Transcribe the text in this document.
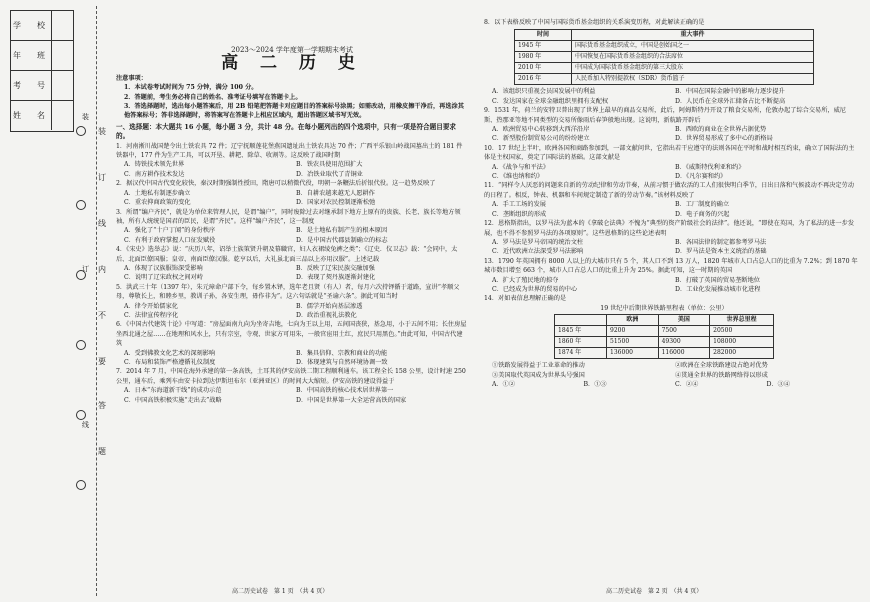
学　校
年　班
考　号
姓　名
装
订
线
内
不
要
答
题
装
订
线
2023～2024 学年度第一学期期末考试
高 二 历 史
注意事项：
1．本试卷考试时间为 75 分钟，满分 100 分。
2．答题前，考生务必将自己的姓名、准考证号填写在答题卡上。
3．答选择题时，选出每小题答案后，用 2B 铅笔把答题卡对应题目的答案标号涂黑；如需改动，用橡皮擦干净后，再选涂其他答案标号；答非选择题时，将答案写在答题卡上相应区域内，超出答题区域书写无效。
一、选择题：本大题共 16 小题，每小题 3 分，共计 48 分。在每小题列出的四个选项中，只有一项是符合题目要求的。
1．河南淅川战国楚令出土铁农具 72 件；辽宁抚顺莲花堡燕国遗址出土铁农具达 70 件；广西平乐银山岭战国墓出土的 181 件铁器中，177 件为生产工具，可以开垦、耕耙、除草、收割等。这反映了战国时期
A．铸铁技术领先世界	B．铁农具使用范围扩大
C．南方耕作技术发达	D．冶铁业取代了青铜业
2．据汉代中国古代变化较快，秦汉时期强制性授田，隋唐可以稍微代役，明朝一条鞭法后折银代役。这一趋势反映了
A．土地私有制逐步确立	B．自耕农越来越无人愿耕作
C．重农抑商政策的变化	D．国家对农民控制逐渐松弛
3．所谓“编户齐民”，就是为单位来管理人民，是谓“编户”，同时废除过去对继承制下地方上原有的贵族、长老、族长等地方领袖，所有人统统是国君的臣民，是谓“齐民”。这样“编户齐民”，这一制度
A．强化了“十户丁闻”的身份秩序	B．是土地私有制产生的根本原因
C．有利于政府掌握人口征发赋役	D．是中国古代郡县制确立的标志
4．《宋史》选举志》说：“庆历八年，诏举士族策贤升朝及幕職官，妇人衣裙绫兔裤之类”；《辽史．仪卫志》载：“会同中，太后、北面臣僚国服；皇帝、南面臣僚汉服。乾亨以后，大礼虽北面三品以上亦用汉服”。上述记载
A．体现了汉族服饰深受影响	B．反映了辽宋民族交融加强
C．说明了辽宋政权之间对峙	D．表现了契丹族逐渐封建化
5．洪武三十年（1397 年），朱元璋命户部下令，每乡置木铎，选年老且贤（有人）者，每月六次持铎循于道路，宣讲“孝顺父母，尊敬长上，和睦乡里，教训子孙，各安生理，毋作非为”。这六句话就是“圣谕六条”。据此可知当时
A．律令开始儒家化	B．儒学开始向基层渗透
C．法律宣传程序化	D．政治重视礼法教化
6．《中国古代建筑十论》中写道：“房屋面南九向为坐寄吉地，七向为王以上用，五间国丧狭，基急用，小于五间不用；长住房屋坐西北通之屋……在地理和风水上，只有宗室，寺观、世家方可用朱，一般官宦用土红，庶民只用黑色。”由此可知，中国古代建筑
A．受到佛教文化艺术的深刻影响	B．集具信仰、宗教和商业的功能
C．布局和装饰严格遵循礼仪制度	D．体现建筑与自然环境协调一致
7．2014 年 7 月，中国在海外承建的第一条高铁，土耳其的伊安高铁二期工程顺利通车。该工程全长 158 公里，设计时速 250 公里，通车后，乘列车由安卡拉到达伊斯坦布尔（亚洲亚区）的时间大大缩短。伊安高铁的建设得益于
A．日本“东海道新干线”的成功示范	B．中国高铁的核心技术居世界第一
C．中国高铁积极实施“走出去”战略	D．中国是世界第一大全运营高铁的国家
8．以下表格反映了中国与国际货币基金组织的关系演变历程，对此解读正确的是
时间	重大事件
1945 年	国际货币基金组织成立，中国是创始国之一
1980 年	中国恢复在国际货币基金组织的合法席位
2010 年	中国成为国际货币基金组织的第三大股东
2016 年	人民币加入特别提款权（SDR）货币篮子
A．该组织只重视会员国发展中的利益	B．中国在国际金融中的影响力逐步提升
C．发达国家在全球金融组织里拥有支配权	D．人民币在全球外汇储备占比不断提高
9．1531 年，荷兰的安特卫普出现了世界上最早的商品交易所，此后，阿姆斯特丹开设了粮食交易所，伦敦办起了综合交易所，威尼斯、热那亚等地不同类型的交易所像雨后春笋般地出现。这说明，新航路开辟后
A．欧洲贸易中心转移到大西洋沿岸	B．西欧的商业在全世界占据优势
C．新型股份制贸易公司的纷纷建立	D．世界贸易形成了多中心的新格局
10．17 世纪上半叶，欧洲各国和商路参加到，一部文献问世，它指出若干应遵守的法则各国在平时和战时相互约束，确立了国际法的主体是主权国家，奠定了国际法的基础。这部文献是
A．《战争与和平法》	B．《威斯特伐利亚和约》
C．《维也纳和约》	D．《凡尔赛和约》
11．“同样令人厌恶的问题来自新的劳动纪律和劳动节奏，从前习惯于做农活的工人们很快明白季节，日出日落和气候波动不再决定劳动的日程了。相反，钟表、机器和车间规定制造了新的劳动节奏。”该材料反映了
A．手工工场的发展	B．工厂制度的确立
C．垄断组织的形成	D．电子商务的兴起
12．恩格斯指出，以罗马法为蓝本的《拿破仑法典》不愧为“典型的资产阶级社会的法律”。他还说，“即使在英国，为了私法的进一步发展，也不得不参照罗马法的各项原则”。这些恩格斯的这些论述表明
A．罗马法是罗马帝国的统治文柱	B．各国法律的制定都参考罗马法
C．近代欧洲立法深受罗马法影响	D．罗马法是资本主义统治的基础
13．1790 年英国拥有 8000 人以上的大城市只有 5 个，其人口不到 13 万人，1820 年城市人口占总人口的比重为 7.2%；到 1870 年城市数目增至 663 个，城市人口占总人口的比重上升为 25%。据此可知，这一时期的英国
A．扩大了殖民地的掠夺	B．打破了英国的贸易垄断地位
C．已经成为世界的贸易的中心	D．工业化发展推动城市化进程
14．对如表信息理解正确的是
19 世纪中后期世界铁路里程表（单位：公里）
	欧洲	美国	世界总里程
1845 年	9200	7500	20500
1860 年	51500	49300	108000
1874 年	136000	116000	282000
①铁路发展得益于工业革命的推动	②欧洲在全球铁路建设占绝对优势
③美国取代英国成为世界头号强国	④贯通全世界的铁路网络得以形成
A．①②	B．①③	C．②④	D．③④
高二历史试卷　第 1 页　（共 4 页）	高二历史试卷　第 2 页　（共 4 页）
